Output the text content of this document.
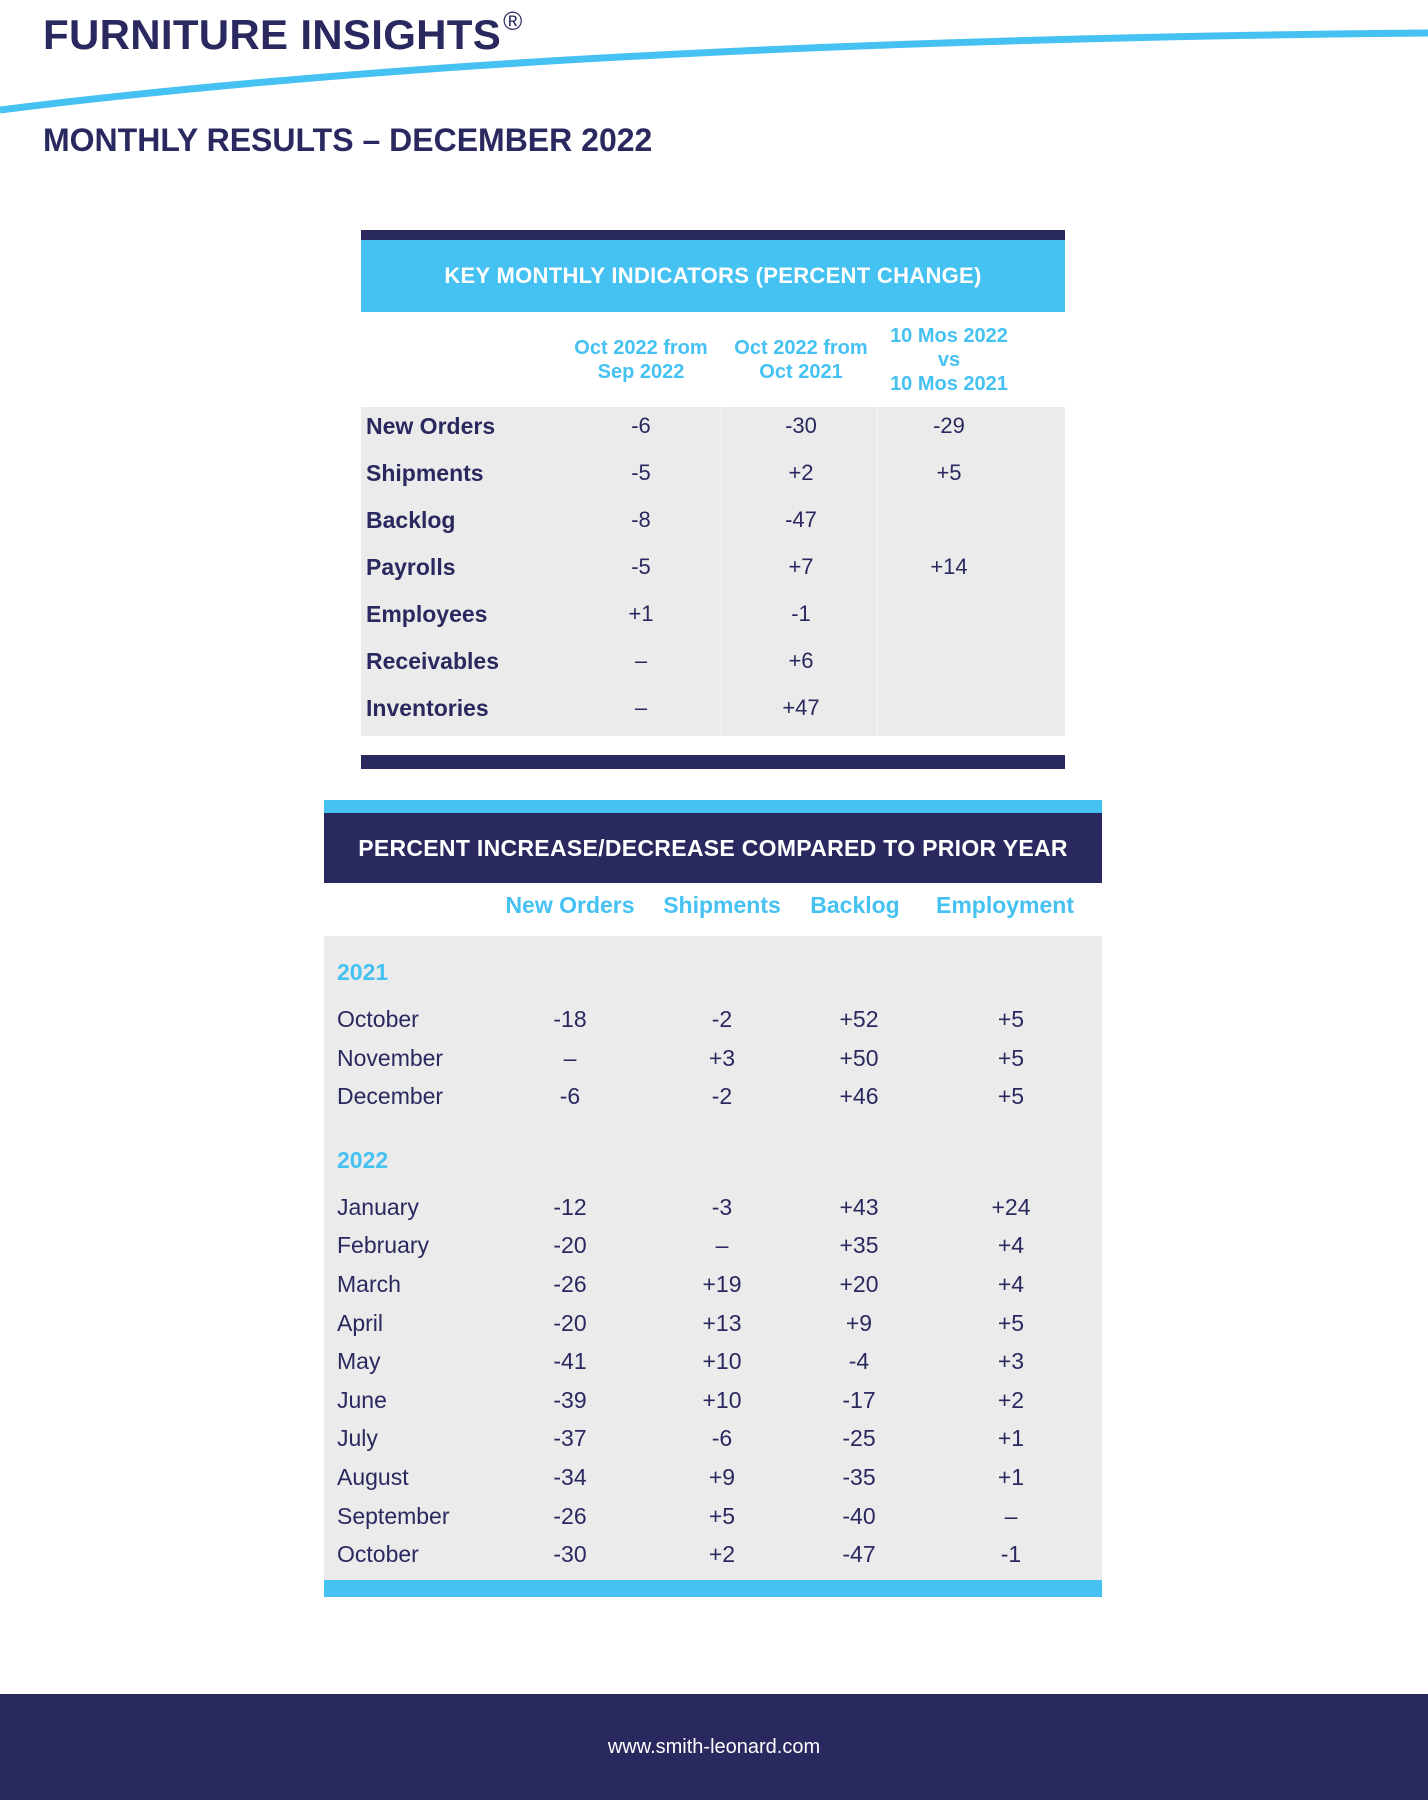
FURNITURE INSIGHTS®
MONTHLY RESULTS – DECEMBER 2022
KEY MONTHLY INDICATORS (PERCENT CHANGE)
Oct 2022 from
Sep 2022
Oct 2022 from
Oct 2021
10 Mos 2022
vs
10 Mos 2021
New Orders	-6	-30	-29
Shipments	-5	+2	+5
Backlog	-8	-47
Payrolls	-5	+7	+14
Employees	+1	-1
Receivables	–	+6
Inventories	–	+47
PERCENT INCREASE/DECREASE COMPARED TO PRIOR YEAR
New Orders	Shipments	Backlog	Employment
2021
October	-18	-2	+52	+5
November	–	+3	+50	+5
December	-6	-2	+46	+5
2022
January	-12	-3	+43	+24
February	-20	–	+35	+4
March	-26	+19	+20	+4
April	-20	+13	+9	+5
May	-41	+10	-4	+3
June	-39	+10	-17	+2
July	-37	-6	-25	+1
August	-34	+9	-35	+1
September	-26	+5	-40	–
October	-30	+2	-47	-1
www.smith-leonard.com
